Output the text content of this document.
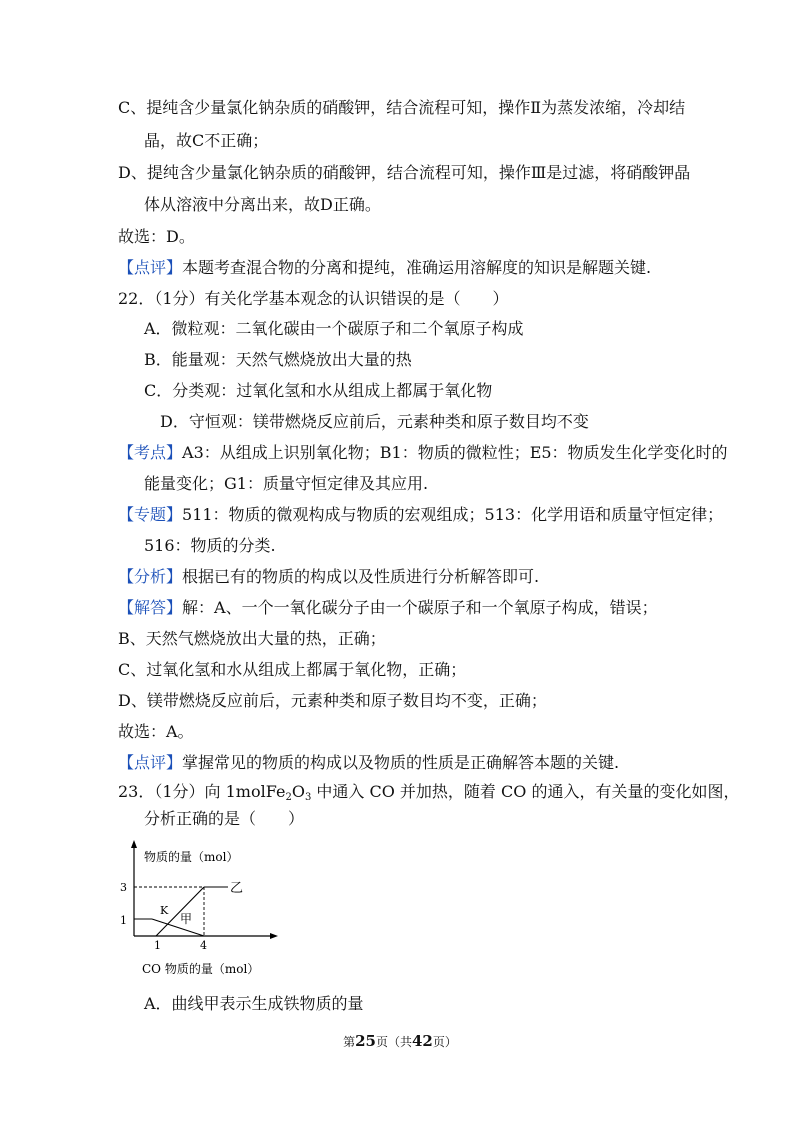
C、提纯含少量氯化钠杂质的硝酸钾，结合流程可知，操作Ⅱ为蒸发浓缩，冷却结
晶，故C不正确；
D、提纯含少量氯化钠杂质的硝酸钾，结合流程可知，操作Ⅲ是过滤，将硝酸钾晶
体从溶液中分离出来，故D正确。
故选：D。
【点评】本题考查混合物的分离和提纯，准确运用溶解度的知识是解题关键.
22．（1分）有关化学基本观念的认识错误的是（　　）
A．微粒观：二氧化碳由一个碳原子和二个氧原子构成
B．能量观：天然气燃烧放出大量的热
C．分类观：过氧化氢和水从组成上都属于氧化物
　D．守恒观：镁带燃烧反应前后，元素种类和原子数目均不变
【考点】A3：从组成上识别氧化物；B1：物质的微粒性；E5：物质发生化学变化时的
能量变化；G1：质量守恒定律及其应用.
【专题】511：物质的微观构成与物质的宏观组成；513：化学用语和质量守恒定律；
516：物质的分类.
【分析】根据已有的物质的构成以及性质进行分析解答即可.
【解答】解：A、一个一氧化碳分子由一个碳原子和一个氧原子构成，错误；
B、天然气燃烧放出大量的热，正确；
C、过氧化氢和水从组成上都属于氧化物，正确；
D、镁带燃烧反应前后，元素种类和原子数目均不变，正确；
故选：A。
【点评】掌握常见的物质的构成以及物质的性质是正确解答本题的关键.
23．（1分）向 $1molFe_2O_3$ 中通入 CO 并加热，随着 CO 的通入，有关量的变化如图，
分析正确的是（　　）
物质的量（mol）
3
1
1	4
乙
甲
K
CO 物质的量（mol）
A．曲线甲表示生成铁物质的量
第25页（共42页）
